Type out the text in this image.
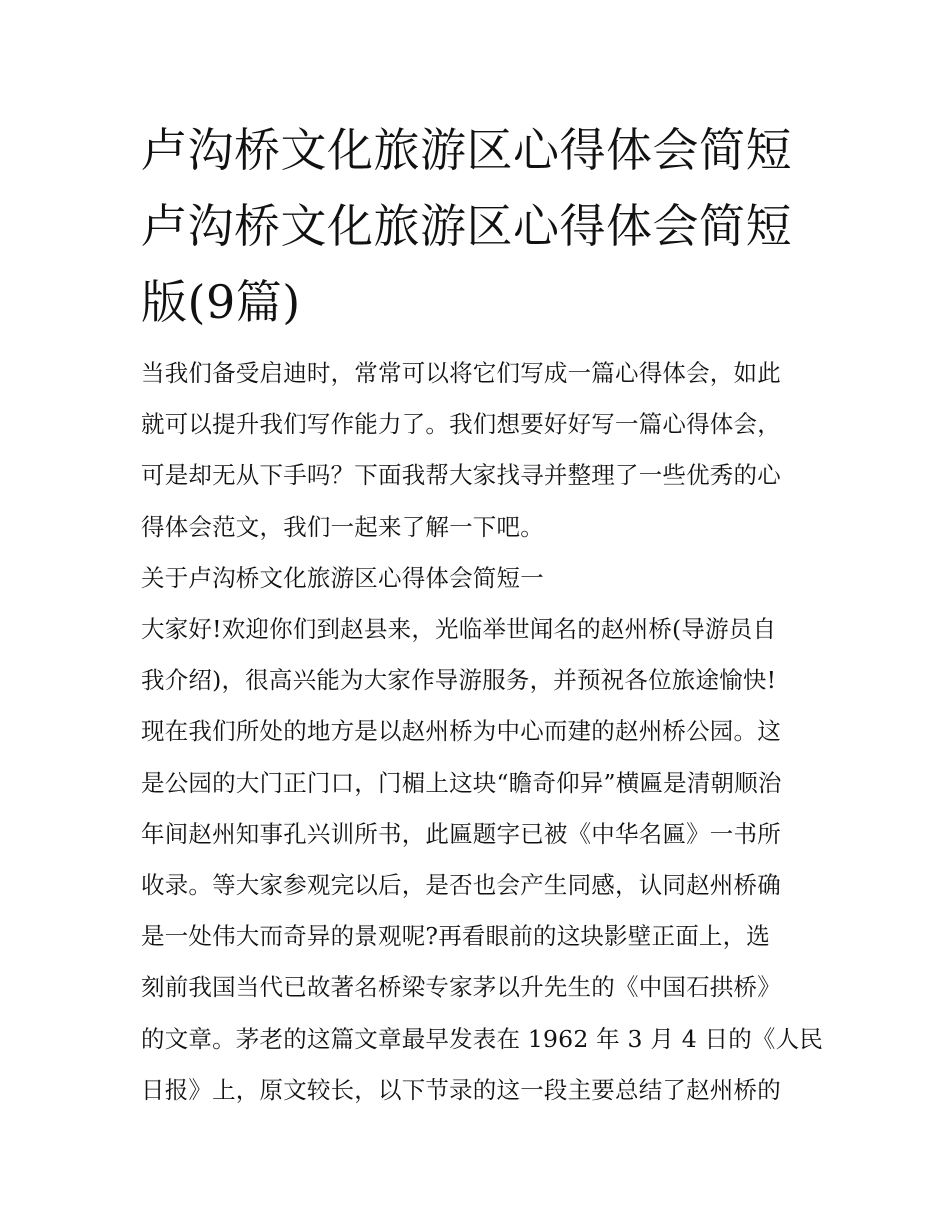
卢沟桥文化旅游区心得体会简短 卢沟桥文化旅游区心得体会简短版(9篇)
当我们备受启迪时，常常可以将它们写成一篇心得体会，如此
就可以提升我们写作能力了。我们想要好好写一篇心得体会，
可是却无从下手吗？下面我帮大家找寻并整理了一些优秀的心
得体会范文，我们一起来了解一下吧。
关于卢沟桥文化旅游区心得体会简短一
大家好!欢迎你们到赵县来，光临举世闻名的赵州桥(导游员自
我介绍)，很高兴能为大家作导游服务，并预祝各位旅途愉快!
现在我们所处的地方是以赵州桥为中心而建的赵州桥公园。这
是公园的大门正门口，门楣上这块“瞻奇仰异”横匾是清朝顺治
年间赵州知事孔兴训所书，此匾题字已被《中华名匾》一书所
收录。等大家参观完以后，是否也会产生同感，认同赵州桥确
是一处伟大而奇异的景观呢?再看眼前的这块影壁正面上，选
刻前我国当代已故著名桥梁专家茅以升先生的《中国石拱桥》
的文章。茅老的这篇文章最早发表在 1962 年 3 月 4 日的《人民
日报》上，原文较长，以下节录的这一段主要总结了赵州桥的
